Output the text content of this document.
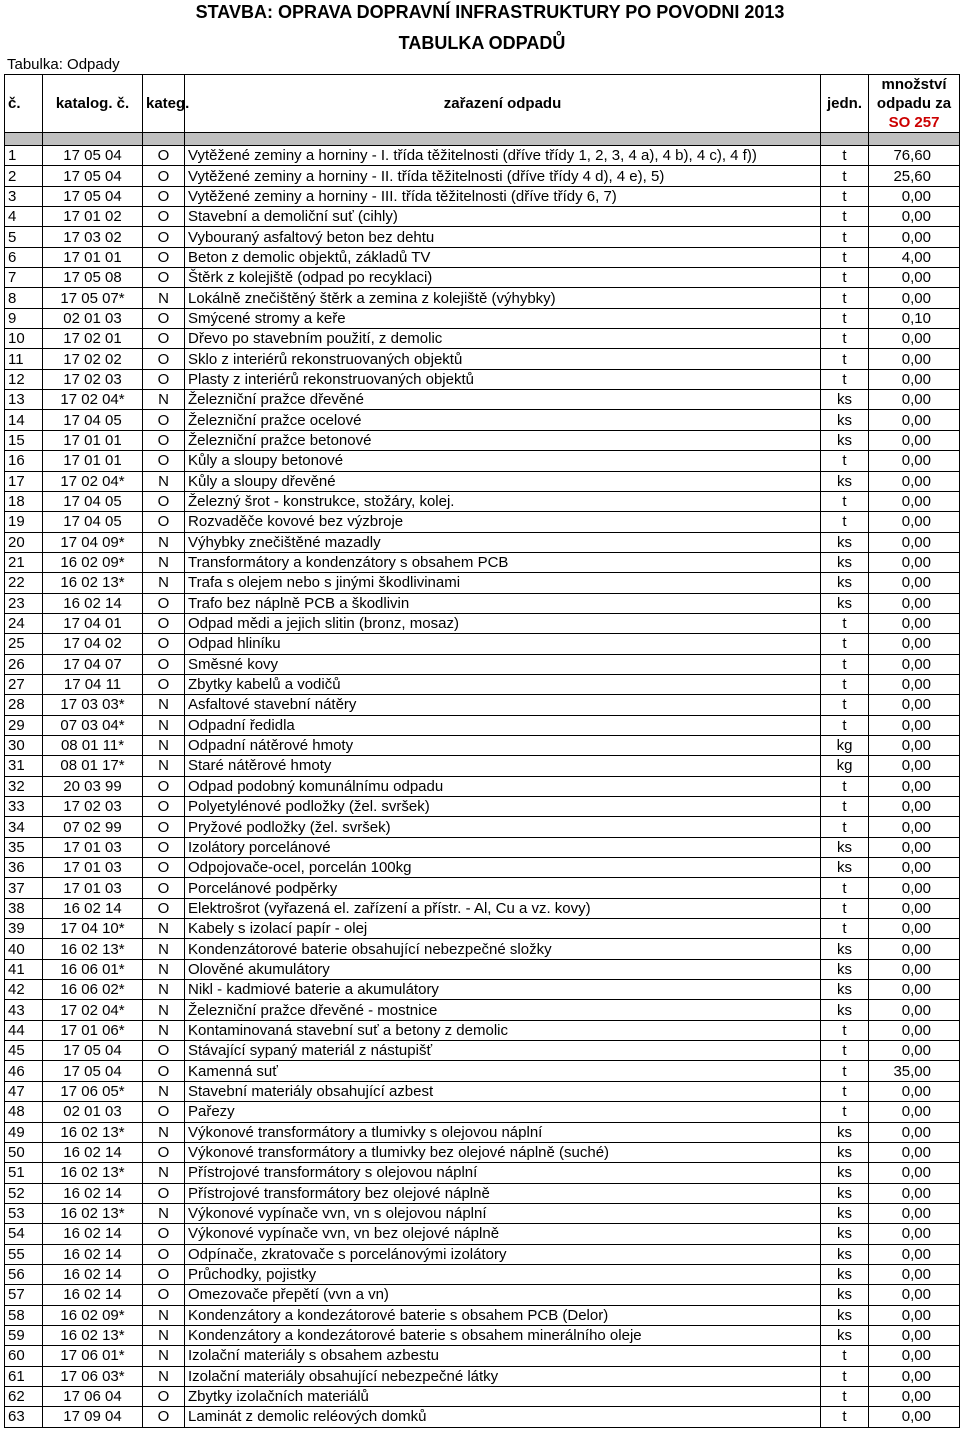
STAVBA: OPRAVA DOPRAVNÍ INFRASTRUKTURY PO POVODNI 2013
TABULKA ODPADŮ
Tabulka: Odpady
č.	katalog. č.	kateg.	zařazení odpadu	jedn.	množství
odpadu za
SO 257

1	17 05 04	O	Vytěžené zeminy a horniny - I. třída těžitelnosti (dříve třídy 1, 2, 3, 4 a), 4 b), 4 c), 4 f))	t	76,60
2	17 05 04	O	Vytěžené zeminy a horniny - II. třída těžitelnosti (dříve třídy 4 d), 4 e), 5)	t	25,60
3	17 05 04	O	Vytěžené zeminy a horniny - III. třída těžitelnosti (dříve třídy 6, 7)	t	0,00
4	17 01 02	O	Stavební a demoliční suť (cihly)	t	0,00
5	17 03 02	O	Vybouraný asfaltový beton bez dehtu	t	0,00
6	17 01 01	O	Beton z demolic objektů, základů TV	t	4,00
7	17 05 08	O	Štěrk z kolejiště (odpad po recyklaci)	t	0,00
8	17 05 07*	N	Lokálně znečištěný štěrk a zemina z kolejiště (výhybky)	t	0,00
9	02 01 03	O	Smýcené stromy a keře	t	0,10
10	17 02 01	O	Dřevo po stavebním použití, z demolic	t	0,00
11	17 02 02	O	Sklo z interiérů rekonstruovaných objektů	t	0,00
12	17 02 03	O	Plasty z interiérů rekonstruovaných objektů	t	0,00
13	17 02 04*	N	Železniční pražce dřevěné	ks	0,00
14	17 04 05	O	Železniční pražce ocelové	ks	0,00
15	17 01 01	O	Železniční pražce betonové	ks	0,00
16	17 01 01	O	Kůly a sloupy betonové	t	0,00
17	17 02 04*	N	Kůly a sloupy dřevěné	ks	0,00
18	17 04 05	O	Železný šrot - konstrukce, stožáry, kolej.	t	0,00
19	17 04 05	O	Rozvaděče kovové bez výzbroje	t	0,00
20	17 04 09*	N	Výhybky znečištěné mazadly	ks	0,00
21	16 02 09*	N	Transformátory a kondenzátory s obsahem PCB	ks	0,00
22	16 02 13*	N	Trafa s olejem nebo s jinými škodlivinami	ks	0,00
23	16 02 14	O	Trafo bez náplně PCB a škodlivin	ks	0,00
24	17 04 01	O	Odpad mědi a jejich slitin (bronz, mosaz)	t	0,00
25	17 04 02	O	Odpad hliníku	t	0,00
26	17 04 07	O	Směsné kovy	t	0,00
27	17 04 11	O	Zbytky kabelů a vodičů	t	0,00
28	17 03 03*	N	Asfaltové stavební nátěry	t	0,00
29	07 03 04*	N	Odpadní ředidla	t	0,00
30	08 01 11*	N	Odpadní nátěrové hmoty	kg	0,00
31	08 01 17*	N	Staré nátěrové hmoty	kg	0,00
32	20 03 99	O	Odpad podobný komunálnímu odpadu	t	0,00
33	17 02 03	O	Polyetylénové podložky (žel. svršek)	t	0,00
34	07 02 99	O	Pryžové podložky (žel. svršek)	t	0,00
35	17 01 03	O	Izolátory porcelánové	ks	0,00
36	17 01 03	O	Odpojovače-ocel, porcelán 100kg	ks	0,00
37	17 01 03	O	Porcelánové podpěrky	t	0,00
38	16 02 14	O	Elektrošrot (vyřazená el. zařízení a přístr. - Al, Cu a vz. kovy)	t	0,00
39	17 04 10*	N	Kabely s izolací papír - olej	t	0,00
40	16 02 13*	N	Kondenzátorové baterie obsahující nebezpečné složky	ks	0,00
41	16 06 01*	N	Olověné akumulátory	ks	0,00
42	16 06 02*	N	Nikl - kadmiové baterie a akumulátory	ks	0,00
43	17 02 04*	N	Železniční pražce dřevěné - mostnice	ks	0,00
44	17 01 06*	N	Kontaminovaná stavební suť a betony z demolic	t	0,00
45	17 05 04	O	Stávající sypaný materiál z nástupišť	t	0,00
46	17 05 04	O	Kamenná suť	t	35,00
47	17 06 05*	N	Stavební materiály obsahující azbest	t	0,00
48	02 01 03	O	Pařezy	t	0,00
49	16 02 13*	N	Výkonové transformátory a tlumivky s olejovou náplní	ks	0,00
50	16 02 14	O	Výkonové transformátory a tlumivky bez olejové náplně (suché)	ks	0,00
51	16 02 13*	N	Přístrojové transformátory s olejovou náplní	ks	0,00
52	16 02 14	O	Přístrojové transformátory bez olejové náplně	ks	0,00
53	16 02 13*	N	Výkonové vypínače vvn, vn s olejovou náplní	ks	0,00
54	16 02 14	O	Výkonové vypínače vvn, vn bez olejové náplně	ks	0,00
55	16 02 14	O	Odpínače, zkratovače s porcelánovými izolátory	ks	0,00
56	16 02 14	O	Průchodky, pojistky	ks	0,00
57	16 02 14	O	Omezovače přepětí (vvn a vn)	ks	0,00
58	16 02 09*	N	Kondenzátory a kondezátorové baterie s obsahem PCB (Delor)	ks	0,00
59	16 02 13*	N	Kondenzátory a kondezátorové baterie s obsahem minerálního oleje	ks	0,00
60	17 06 01*	N	Izolační materiály s obsahem azbestu	t	0,00
61	17 06 03*	N	Izolační materiály obsahující nebezpečné látky	t	0,00
62	17 06 04	O	Zbytky izolačních materiálů	t	0,00
63	17 09 04	O	Laminát z demolic reléových domků	t	0,00
